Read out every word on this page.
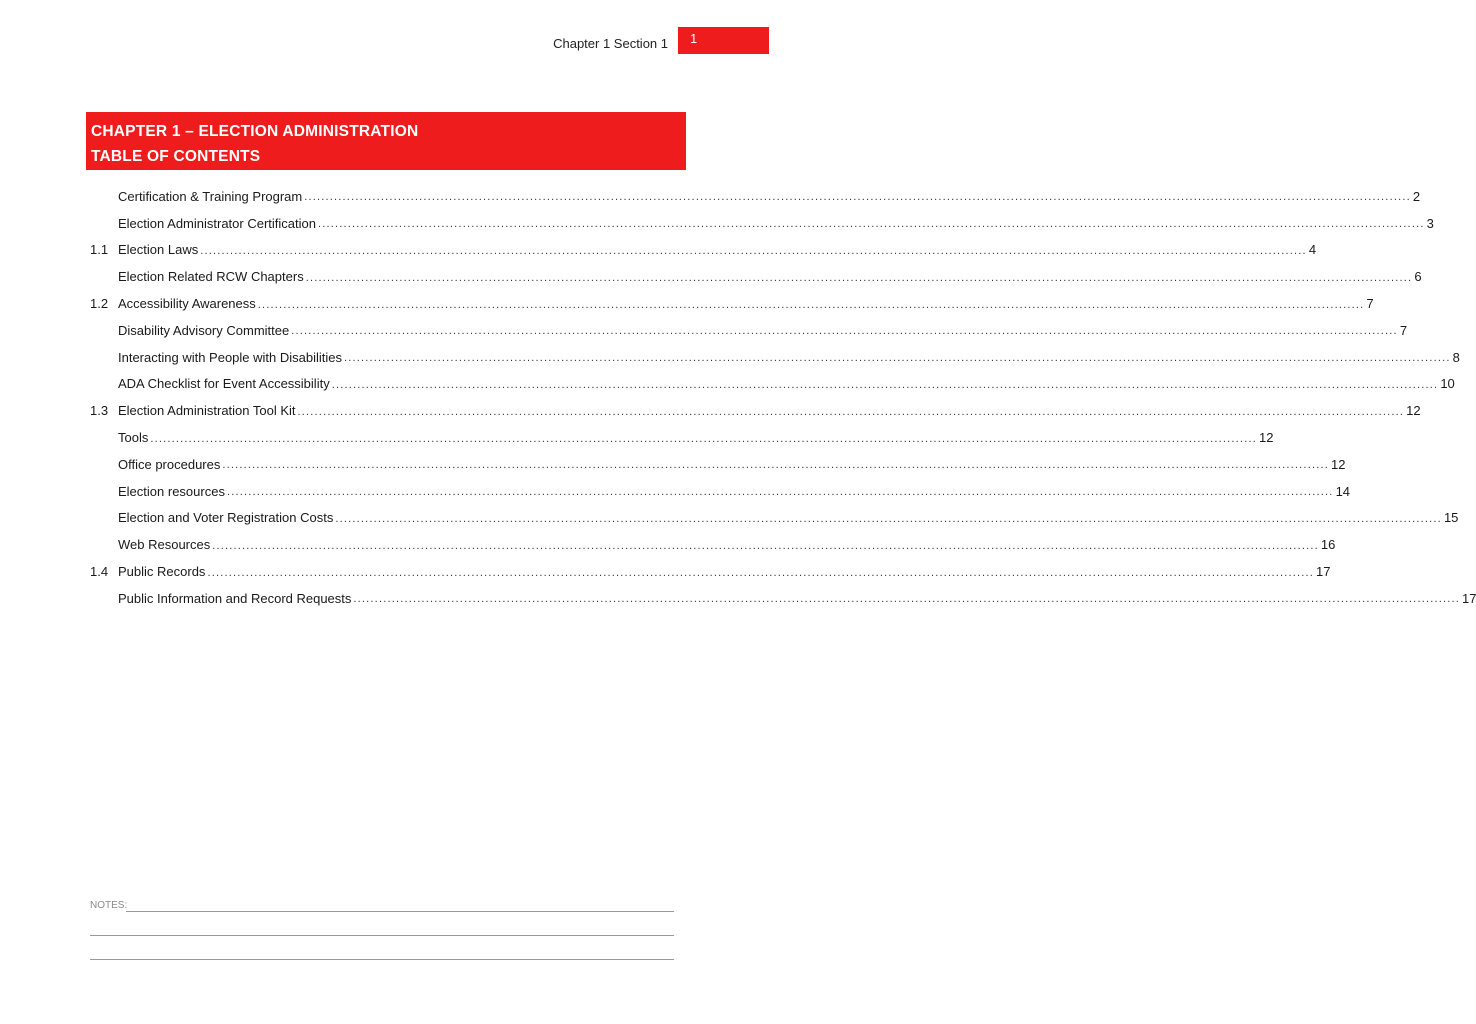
Chapter 1 Section 1	1
CHAPTER 1 – ELECTION ADMINISTRATION
TABLE OF CONTENTS
Certification & Training Program .................................................................................................................................................................................................................................................................... 2
Election Administrator Certification .................................................................................................................................................................................................................................................................... 3
1.1 Election Laws .................................................................................................................................................................................................................................................................... 4
Election Related RCW Chapters .................................................................................................................................................................................................................................................................... 6
1.2 Accessibility Awareness .................................................................................................................................................................................................................................................................... 7
Disability Advisory Committee .................................................................................................................................................................................................................................................................... 7
Interacting with People with Disabilities .................................................................................................................................................................................................................................................................... 8
ADA Checklist for Event Accessibility .................................................................................................................................................................................................................................................................... 10
1.3 Election Administration Tool Kit .................................................................................................................................................................................................................................................................... 12
Tools .................................................................................................................................................................................................................................................................... 12
Office procedures .................................................................................................................................................................................................................................................................... 12
Election resources .................................................................................................................................................................................................................................................................... 14
Election and Voter Registration Costs .................................................................................................................................................................................................................................................................... 15
Web Resources .................................................................................................................................................................................................................................................................... 16
1.4 Public Records .................................................................................................................................................................................................................................................................... 17
Public Information and Record Requests .................................................................................................................................................................................................................................................................... 17
NOTES:
